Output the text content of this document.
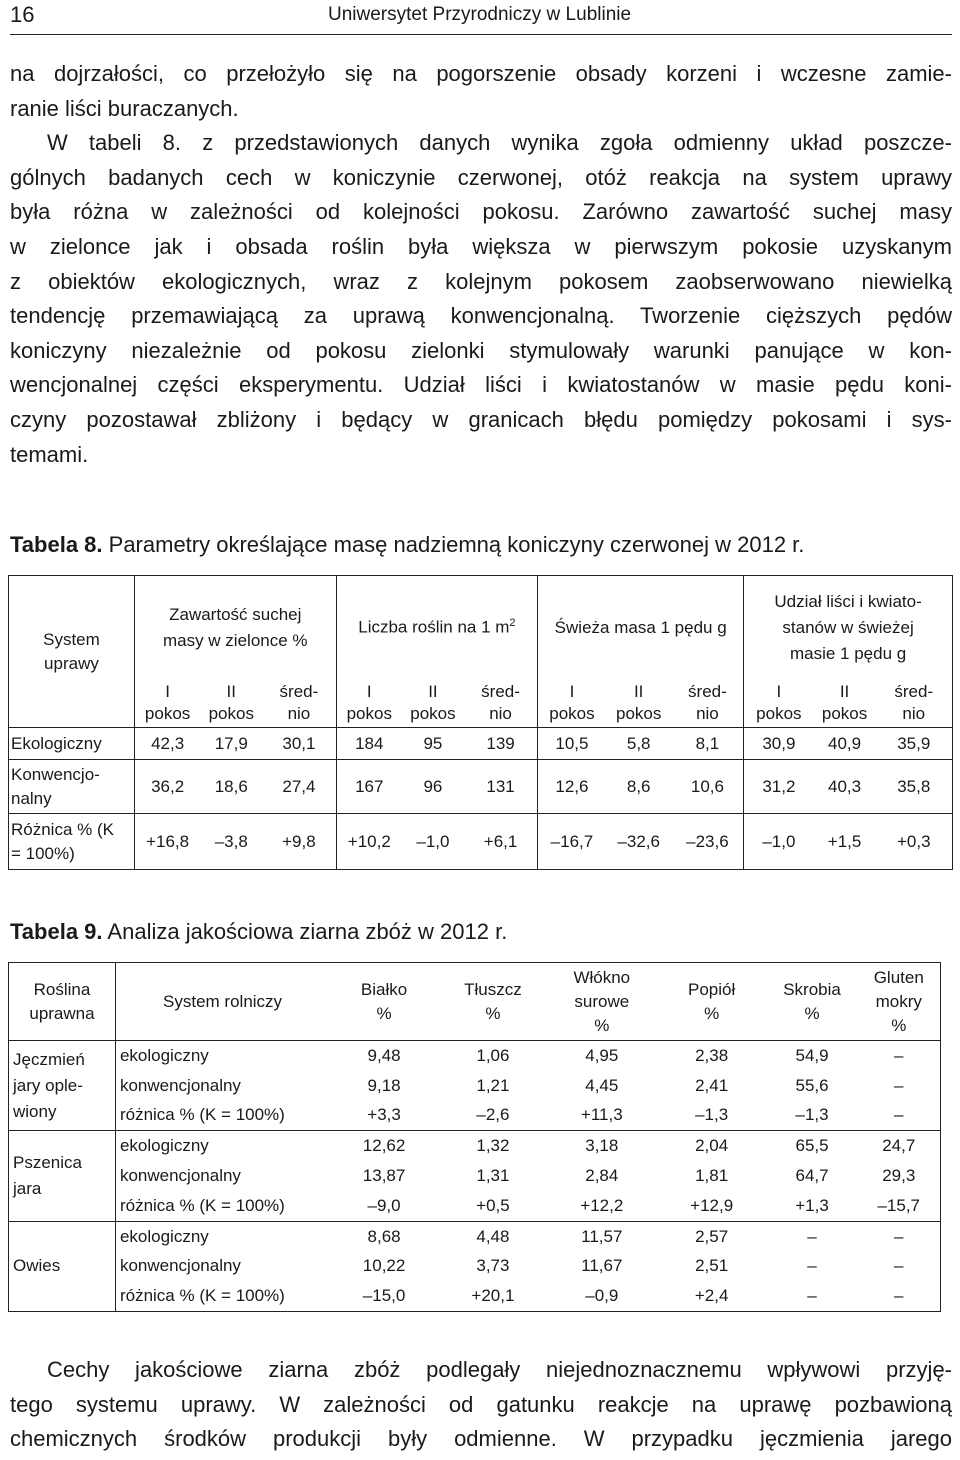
16	Uniwersytet Przyrodniczy w Lublinie

na dojrzałości, co przełożyło się na pogorszenie obsady korzeni i wczesne zamie-
ranie liści buraczanych.

W tabeli 8. z przedstawionych danych wynika zgoła odmienny układ poszcze-
gólnych badanych cech w koniczynie czerwonej, otóż reakcja na system uprawy
była różna w zależności od kolejności pokosu. Zarówno zawartość suchej masy
w zielonce jak i obsada roślin była większa w pierwszym pokosie uzyskanym
z obiektów ekologicznych, wraz z kolejnym pokosem zaobserwowano niewielką
tendencję przemawiającą za uprawą konwencjonalną. Tworzenie cięższych pędów
koniczyny niezależnie od pokosu zielonki stymulowały warunki panujące w kon-
wencjonalnej części eksperymentu. Udział liści i kwiatostanów w masie pędu koni-
czyny pozostawał zbliżony i będący w granicach błędu pomiędzy pokosami i sys-
temami.

Tabela 8. Parametry określające masę nadziemną koniczyny czerwonej w 2012 r.
System uprawy	Zawartość suchej masy w zielonce %			Liczba roślin na 1 $m^2$			Świeża masa 1 pędu g			Udział liści i kwiato-stanów w świeżej masie 1 pędu g		
	I pokos	II pokos	śred-nio	I pokos	II pokos	śred-nio	I pokos	II pokos	śred-nio	I pokos	II pokos	śred-nio
Ekologiczny	42,3	17,9	30,1	184	95	139	10,5	5,8	8,1	30,9	40,9	35,9
Konwencjo-nalny	36,2	18,6	27,4	167	96	131	12,6	8,6	10,6	31,2	40,3	35,8
Różnica % (K = 100%)	+16,8	–3,8	+9,8	+10,2	–1,0	+6,1	–16,7	–32,6	–23,6	–1,0	+1,5	+0,3
Tabela 9. Analiza jakościowa ziarna zbóż w 2012 r.
Roślina uprawna	System rolniczy	Białko %	Tłuszcz %	Włókno surowe %	Popiół %	Skrobia %	Gluten mokry %
Jęczmień jary ople-wiony	ekologiczny	9,48	1,06	4,95	2,38	54,9	–
	konwencjonalny	9,18	1,21	4,45	2,41	55,6	–
	różnica % (K = 100%)	+3,3	–2,6	+11,3	–1,3	–1,3	–
Pszenica jara	ekologiczny	12,62	1,32	3,18	2,04	65,5	24,7
	konwencjonalny	13,87	1,31	2,84	1,81	64,7	29,3
	różnica % (K = 100%)	–9,0	+0,5	+12,2	+12,9	+1,3	–15,7
Owies	ekologiczny	8,68	4,48	11,57	2,57	–	–
	konwencjonalny	10,22	3,73	11,67	2,51	–	–
	różnica % (K = 100%)	–15,0	+20,1	–0,9	+2,4	–	–

Cechy jakościowe ziarna zbóż podlegały niejednoznacznemu wpływowi przyję-
tego systemu uprawy. W zależności od gatunku reakcje na uprawę pozbawioną
chemicznych środków produkcji były odmienne. W przypadku jęczmienia jarego
